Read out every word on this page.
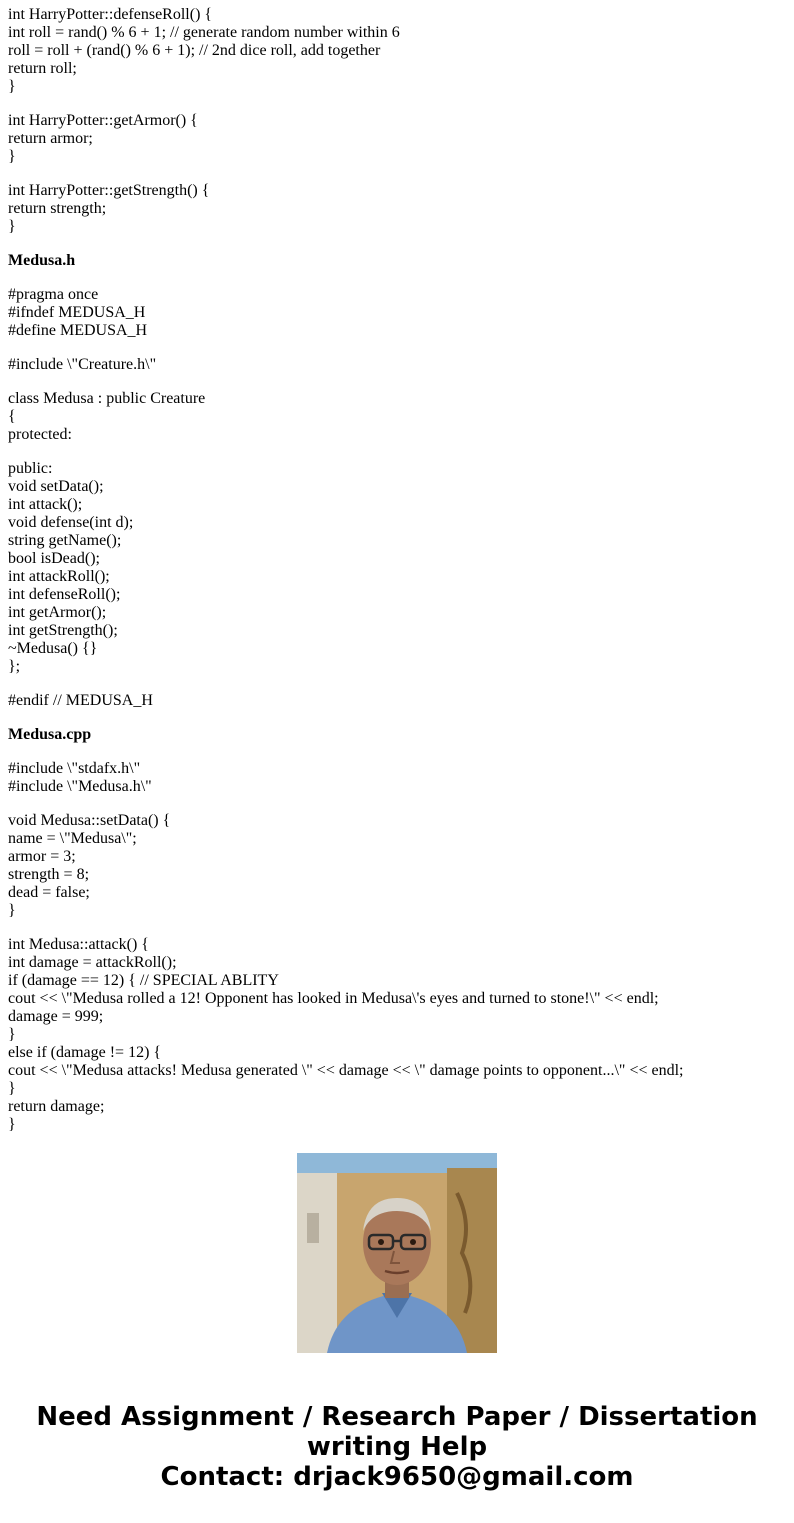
int HarryPotter::defenseRoll() {
int roll = rand() % 6 + 1; // generate random number within 6
roll = roll + (rand() % 6 + 1); // 2nd dice roll, add together
return roll;
}
int HarryPotter::getArmor() {
return armor;
}
int HarryPotter::getStrength() {
return strength;
}
Medusa.h
#pragma once
#ifndef MEDUSA_H
#define MEDUSA_H
#include \"Creature.h\"
class Medusa : public Creature
{
protected:
public:
void setData();
int attack();
void defense(int d);
string getName();
bool isDead();
int attackRoll();
int defenseRoll();
int getArmor();
int getStrength();
~Medusa() {}
};
#endif // MEDUSA_H
Medusa.cpp
#include \"stdafx.h\"
#include \"Medusa.h\"
void Medusa::setData() {
name = \"Medusa\";
armor = 3;
strength = 8;
dead = false;
}
int Medusa::attack() {
int damage = attackRoll();
if (damage == 12) { // SPECIAL ABLITY
cout << \"Medusa rolled a 12! Opponent has looked in Medusa\'s eyes and turned to stone!\" << endl;
damage = 999;
}
else if (damage != 12) {
cout << \"Medusa attacks! Medusa generated \" << damage << \" damage points to opponent...\" << endl;
}
return damage;
}
Need Assignment / Research Paper / Dissertation
writing Help
Contact: drjack9650@gmail.com
